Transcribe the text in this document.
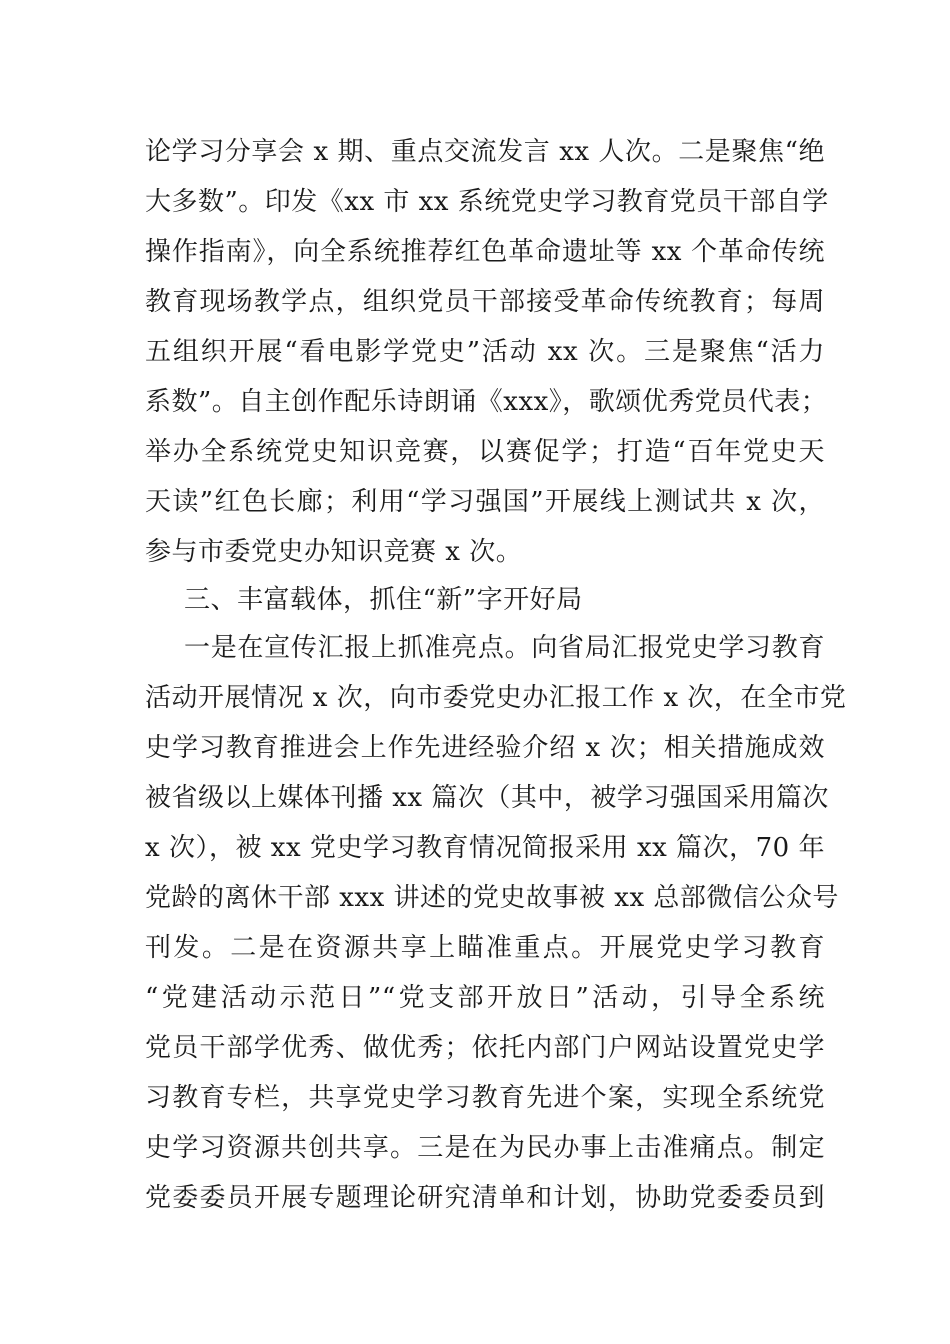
论学习分享会 x 期、重点交流发言 xx 人次。二是聚焦“绝
大多数”。印发《xx 市 xx 系统党史学习教育党员干部自学
操作指南》，向全系统推荐红色革命遗址等 xx 个革命传统
教育现场教学点，组织党员干部接受革命传统教育；每周
五组织开展“看电影学党史”活动 xx 次。三是聚焦“活力
系数”。自主创作配乐诗朗诵《xxx》，歌颂优秀党员代表；
举办全系统党史知识竞赛，以赛促学；打造“百年党史天
天读”红色长廊；利用“学习强国”开展线上测试共 x 次，
参与市委党史办知识竞赛 x 次。
三、丰富载体，抓住“新”字开好局
一是在宣传汇报上抓准亮点。向省局汇报党史学习教育
活动开展情况 x 次，向市委党史办汇报工作 x 次，在全市党
史学习教育推进会上作先进经验介绍 x 次；相关措施成效
被省级以上媒体刊播 xx 篇次（其中，被学习强国采用篇次
x 次），被 xx 党史学习教育情况简报采用 xx 篇次，70 年
党龄的离休干部 xxx 讲述的党史故事被 xx 总部微信公众号
刊发。二是在资源共享上瞄准重点。开展党史学习教育
“党建活动示范日”“党支部开放日”活动，引导全系统
党员干部学优秀、做优秀；依托内部门户网站设置党史学
习教育专栏，共享党史学习教育先进个案，实现全系统党
史学习资源共创共享。三是在为民办事上击准痛点。制定
党委委员开展专题理论研究清单和计划，协助党委委员到
